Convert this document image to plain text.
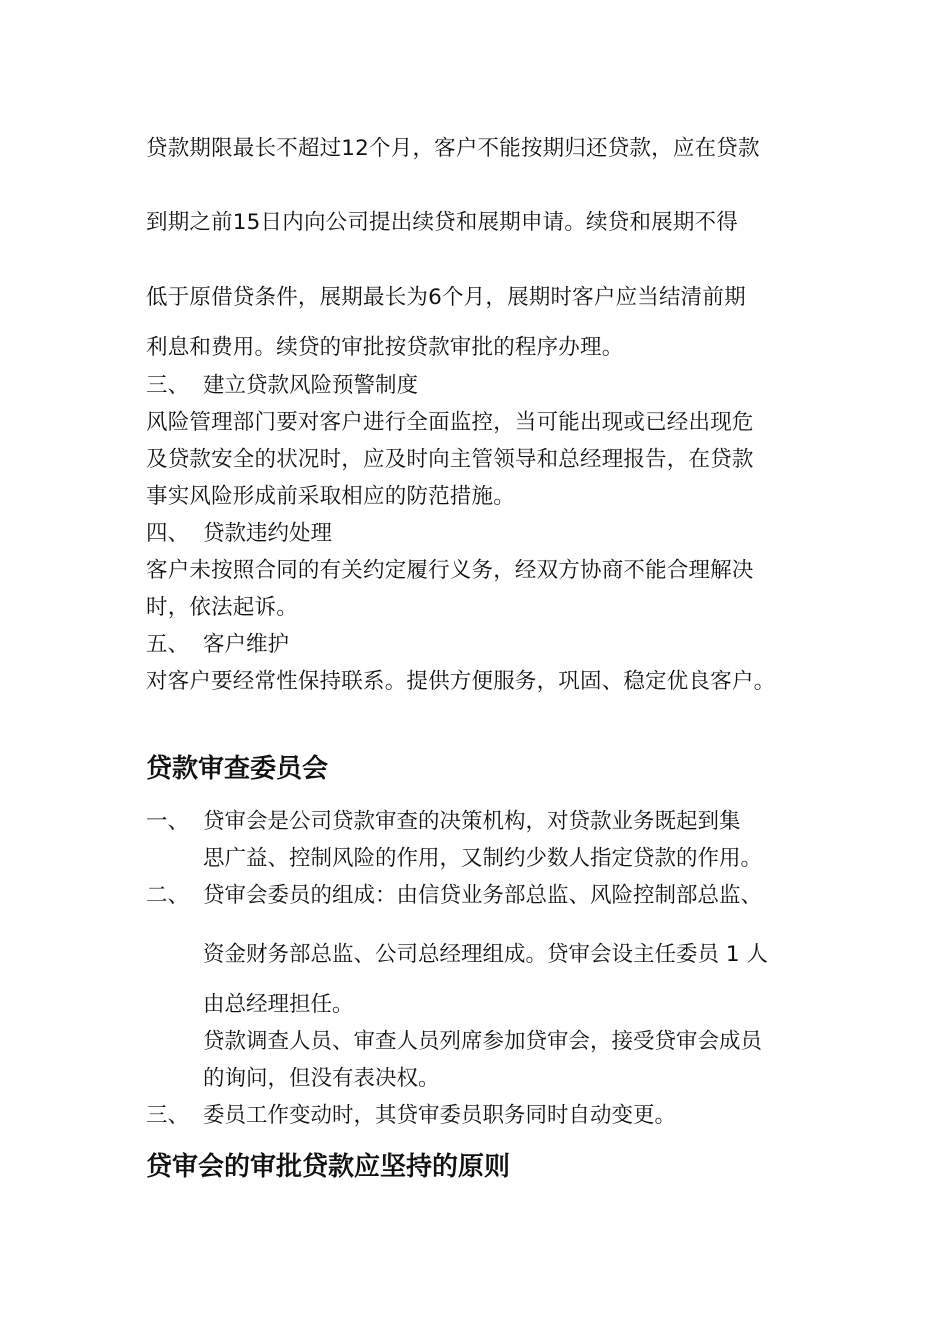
贷款期限最长不超过12个月，客户不能按期归还贷款，应在贷款
到期之前15日内向公司提出续贷和展期申请。续贷和展期不得
低于原借贷条件，展期最长为6个月，展期时客户应当结清前期
利息和费用。续贷的审批按贷款审批的程序办理。
三、 建立贷款风险预警制度
风险管理部门要对客户进行全面监控，当可能出现或已经出现危
及贷款安全的状况时，应及时向主管领导和总经理报告，在贷款
事实风险形成前采取相应的防范措施。
四、 贷款违约处理
客户未按照合同的有关约定履行义务，经双方协商不能合理解决
时，依法起诉。
五、 客户维护
对客户要经常性保持联系。提供方便服务，巩固、稳定优良客户。
贷款审查委员会
一、 贷审会是公司贷款审查的决策机构，对贷款业务既起到集
思广益、控制风险的作用，又制约少数人指定贷款的作用。
二、 贷审会委员的组成：由信贷业务部总监、风险控制部总监、
资金财务部总监、公司总经理组成。贷审会设主任委员 1 人
由总经理担任。
贷款调查人员、审查人员列席参加贷审会，接受贷审会成员
的询问，但没有表决权。
三、 委员工作变动时，其贷审委员职务同时自动变更。
贷审会的审批贷款应坚持的原则
